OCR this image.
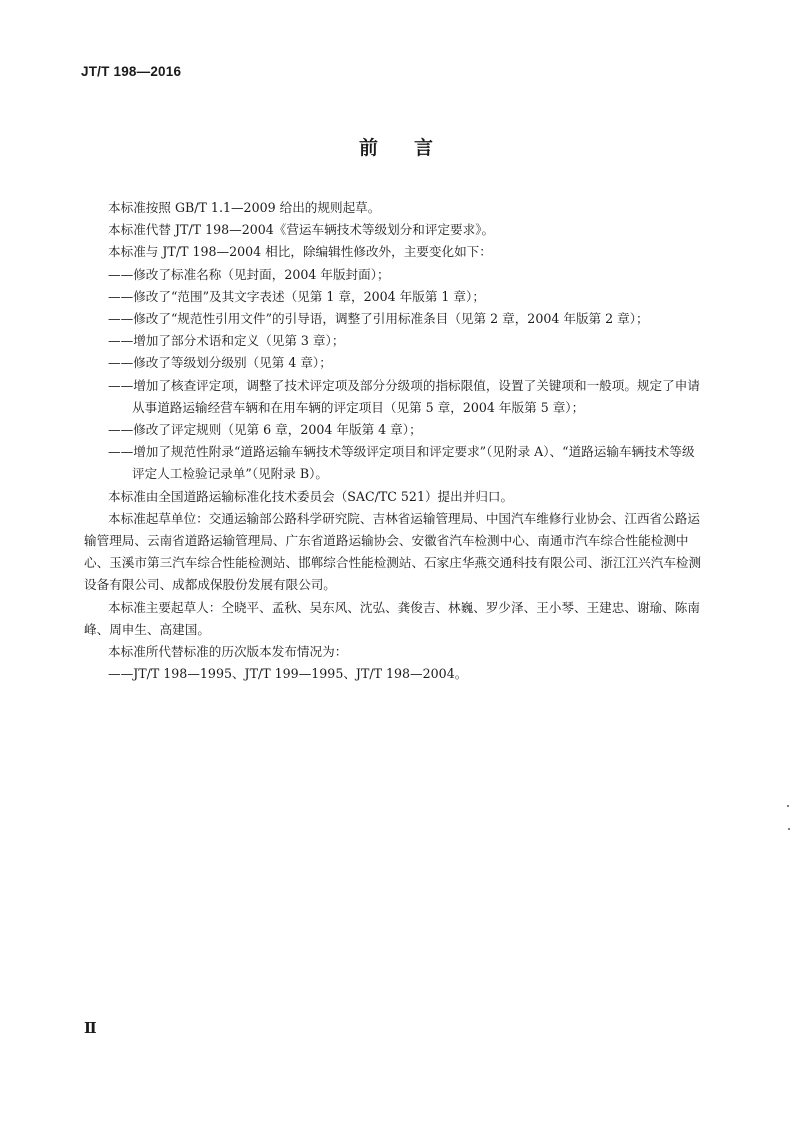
JT/T 198—2016
前 言

本标准按照 GB/T 1.1—2009 给出的规则起草。

本标准代替 JT/T 198—2004《营运车辆技术等级划分和评定要求》。

本标准与 JT/T 198—2004 相比，除编辑性修改外，主要变化如下：

——修改了标准名称（见封面，2004 年版封面）；

——修改了“范围”及其文字表述（见第 1 章，2004 年版第 1 章）；

——修改了“规范性引用文件”的引导语，调整了引用标准条目（见第 2 章，2004 年版第 2 章）；

——增加了部分术语和定义（见第 3 章）；

——修改了等级划分级别（见第 4 章）；

——增加了核查评定项，调整了技术评定项及部分分级项的指标限值，设置了关键项和一般项。规定了申请从事道路运输经营车辆和在用车辆的评定项目（见第 5 章，2004 年版第 5 章）；

——修改了评定规则（见第 6 章，2004 年版第 4 章）；

——增加了规范性附录“道路运输车辆技术等级评定项目和评定要求”（见附录 A）、“道路运输车辆技术等级评定人工检验记录单”（见附录 B）。

本标准由全国道路运输标准化技术委员会（SAC/TC 521）提出并归口。

本标准起草单位：交通运输部公路科学研究院、吉林省运输管理局、中国汽车维修行业协会、江西省公路运输管理局、云南省道路运输管理局、广东省道路运输协会、安徽省汽车检测中心、南通市汽车综合性能检测中心、玉溪市第三汽车综合性能检测站、邯郸综合性能检测站、石家庄华燕交通科技有限公司、浙江江兴汽车检测设备有限公司、成都成保股份发展有限公司。

本标准主要起草人：仝晓平、孟秋、吴东风、沈弘、龚俊吉、林巍、罗少泽、王小琴、王建忠、谢瑜、陈南峰、周申生、高建国。

本标准所代替标准的历次版本发布情况为：

——JT/T 198—1995、JT/T 199—1995、JT/T 198—2004。

Ⅱ
